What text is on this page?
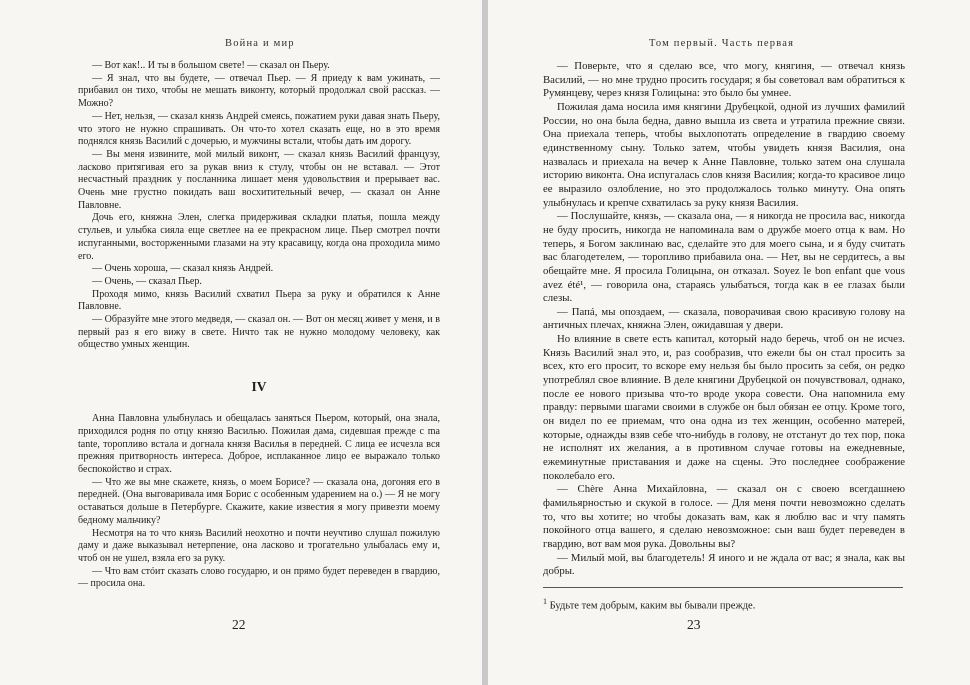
Война и мир

— Вот как!.. И ты в большом свете! — сказал он Пьеру.

— Я знал, что вы будете, — отвечал Пьер. — Я приеду к вам ужинать, — прибавил он тихо, чтобы не мешать виконту, который продолжал свой рассказ. — Можно?

— Нет, нельзя, — сказал князь Андрей смеясь, пожатием руки давая знать Пьеру, что этого не нужно спрашивать. Он что-то хотел сказать еще, но в это время поднялся князь Василий с дочерью, и мужчины встали, чтобы дать им дорогу.

— Вы меня извините, мой милый виконт, — сказал князь Василий французу, ласково притягивая его за рукав вниз к стулу, чтобы он не вставал. — Этот несчастный праздник у посланника лишает меня удовольствия и прерывает вас. Очень мне грустно покидать ваш восхитительный вечер, — сказал он Анне Павловне.

Дочь его, княжна Элен, слегка придерживая складки платья, пошла между стульев, и улыбка сияла еще светлее на ее прекрасном лице. Пьер смотрел почти испуганными, восторженными глазами на эту красавицу, когда она проходила мимо его.

— Очень хороша, — сказал князь Андрей.

— Очень, — сказал Пьер.

Проходя мимо, князь Василий схватил Пьера за руку и обратился к Анне Павловне.

— Образуйте мне этого медведя, — сказал он. — Вот он месяц живет у меня, и в первый раз я его вижу в свете. Ничто так не нужно молодому человеку, как общество умных женщин.

IV

Анна Павловна улыбнулась и обещалась заняться Пьером, который, она знала, приходился родня по отцу князю Василью. Пожилая дама, сидевшая прежде с ma tante, торопливо встала и догнала князя Василья в передней. С лица ее исчезла вся прежняя притворность интереса. Доброе, исплаканное лицо ее выражало только беспокойство и страх.

— Что же вы мне скажете, князь, о моем Борисе? — сказала она, догоняя его в передней. (Она выговаривала имя Борис с особенным ударением на о.) — Я не могу оставаться дольше в Петербурге. Скажите, какие известия я могу привезти моему бедному мальчику?

Несмотря на то что князь Василий неохотно и почти неучтиво слушал пожилую даму и даже выказывал нетерпение, она ласково и трогательно улыбалась ему и, чтоб он не ушел, взяла его за руку.

— Что вам стóит сказать слово государю, и он прямо будет переведен в гвардию, — просила она.

22
Том первый. Часть первая

— Поверьте, что я сделаю все, что могу, княгиня, — отвечал князь Василий, — но мне трудно просить государя; я бы советовал вам обратиться к Румянцеву, через князя Голицына: это было бы умнее.

Пожилая дама носила имя княгини Друбецкой, одной из лучших фамилий России, но она была бедна, давно вышла из света и утратила прежние связи. Она приехала теперь, чтобы выхлопотать определение в гвардию своему единственному сыну. Только затем, чтобы увидеть князя Василия, она назвалась и приехала на вечер к Анне Павловне, только затем она слушала историю виконта. Она испугалась слов князя Василия; когда-то красивое лицо ее выразило озлобление, но это продолжалось только минуту. Она опять улыбнулась и крепче схватилась за руку князя Василия.

— Послушайте, князь, — сказала она, — я никогда не просила вас, никогда не буду просить, никогда не напоминала вам о дружбе моего отца к вам. Но теперь, я Богом заклинаю вас, сделайте это для моего сына, и я буду считать вас благодетелем, — торопливо прибавила она. — Нет, вы не сердитесь, а вы обещайте мне. Я просила Голицына, он отказал. Soyez le bon enfant que vous avez été¹, — говорила она, стараясь улыбаться, тогда как в ее глазах были слезы.

— Папá, мы опоздаем, — сказала, поворачивая свою красивую голову на античных плечах, княжна Элен, ожидавшая у двери.

Но влияние в свете есть капитал, который надо беречь, чтоб он не исчез. Князь Василий знал это, и, раз сообразив, что ежели бы он стал просить за всех, кто его просит, то вскоре ему нельзя бы было просить за себя, он редко употреблял свое влияние. В деле княгини Друбецкой он почувствовал, однако, после ее нового призыва что-то вроде укора совести. Она напомнила ему правду: первыми шагами своими в службе он был обязан ее отцу. Кроме того, он видел по ее приемам, что она одна из тех женщин, особенно матерей, которые, однажды взяв себе что-нибудь в голову, не отстанут до тех пор, пока не исполнят их желания, а в противном случае готовы на ежедневные, ежеминутные приставания и даже на сцены. Это последнее соображение поколебало его.

— Chère Анна Михайловна, — сказал он с своею всегдашнею фамильярностью и скукой в голосе. — Для меня почти невозможно сделать то, что вы хотите; но чтобы доказать вам, как я люблю вас и чту память покойного отца вашего, я сделаю невозможное: сын ваш будет переведен в гвардию, вот вам моя рука. Довольны вы?

— Милый мой, вы благодетель! Я иного и не ждала от вас; я знала, как вы добры.

$^1$ Будьте тем добрым, каким вы бывали прежде.
23
